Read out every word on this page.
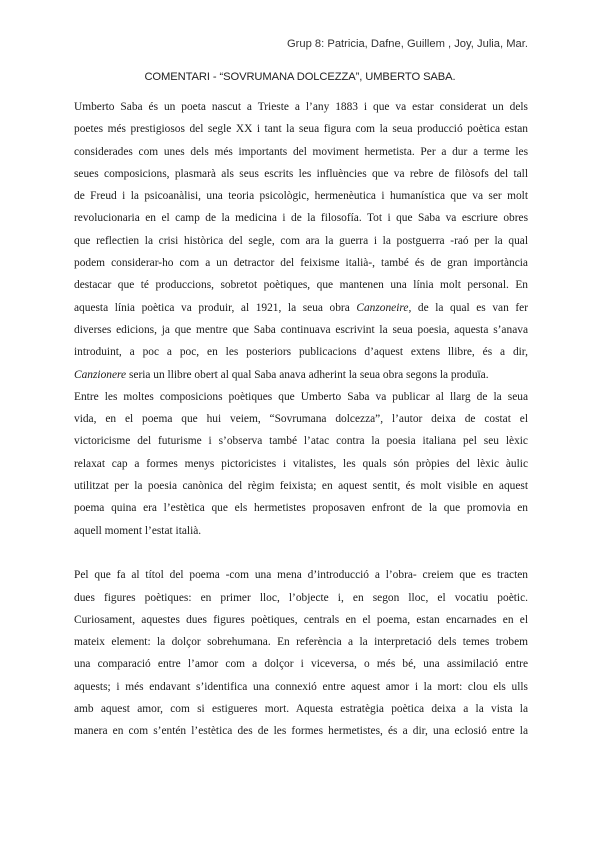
Grup 8: Patricia, Dafne, Guillem , Joy, Julia, Mar.
COMENTARI - “SOVRUMANA DOLCEZZA”, UMBERTO SABA.
Umberto Saba és un poeta nascut a Trieste a l’any 1883 i que va estar considerat un dels
poetes més prestigiosos del segle XX i tant la seua figura com la seua producció poètica estan
considerades com unes dels més importants del moviment hermetista. Per a dur a terme les
seues composicions, plasmarà als seus escrits les influències que va rebre de filòsofs del tall
de Freud i la psicoanàlisi, una teoria psicològic, hermenèutica i humanística que va ser molt
revolucionaria en el camp de la medicina i de la filosofía. Tot i que Saba va escriure obres
que reflectien la crisi històrica del segle, com ara la guerra i la postguerra -raó per la qual
podem considerar-ho com a un detractor del feixisme italià-, també és de gran importància
destacar que té produccions, sobretot poètiques, que mantenen una línia molt personal. En
aquesta línia poètica va produir, al 1921, la seua obra Canzoneire, de la qual es van fer
diverses edicions, ja que mentre que Saba continuava escrivint la seua poesia, aquesta s’anava
introduint, a poc a poc, en les posteriors publicacions d’aquest extens llibre, és a dir,
Canzionere seria un llibre obert al qual Saba anava adherint la seua obra segons la produïa.
Entre les moltes composicions poètiques que Umberto Saba va publicar al llarg de la seua
vida, en el poema que hui veiem, “Sovrumana dolcezza”, l’autor deixa de costat el
victoricisme del futurisme i s’observa també l’atac contra la poesia italiana pel seu lèxic
relaxat cap a formes menys pictoricistes i vitalistes, les quals són pròpies del lèxic àulic
utilitzat per la poesia canònica del règim feixista; en aquest sentit, és molt visible en aquest
poema quina era l’estètica que els hermetistes proposaven enfront de la que promovia en
aquell moment l’estat italià.
Pel que fa al títol del poema -com una mena d’introducció a l’obra- creiem que es tracten
dues figures poètiques: en primer lloc, l’objecte i, en segon lloc, el vocatiu poètic.
Curiosament, aquestes dues figures poètiques, centrals en el poema, estan encarnades en el
mateix element: la dolçor sobrehumana. En referència a la interpretació dels temes trobem
una comparació entre l’amor com a dolçor i viceversa, o més bé, una assimilació entre
aquests; i més endavant s’identifica una connexió entre aquest amor i la mort: clou els ulls
amb aquest amor, com si estigueres mort. Aquesta estratègia poètica deixa a la vista la
manera en com s’entén l’estètica des de les formes hermetistes, és a dir, una eclosió entre la
